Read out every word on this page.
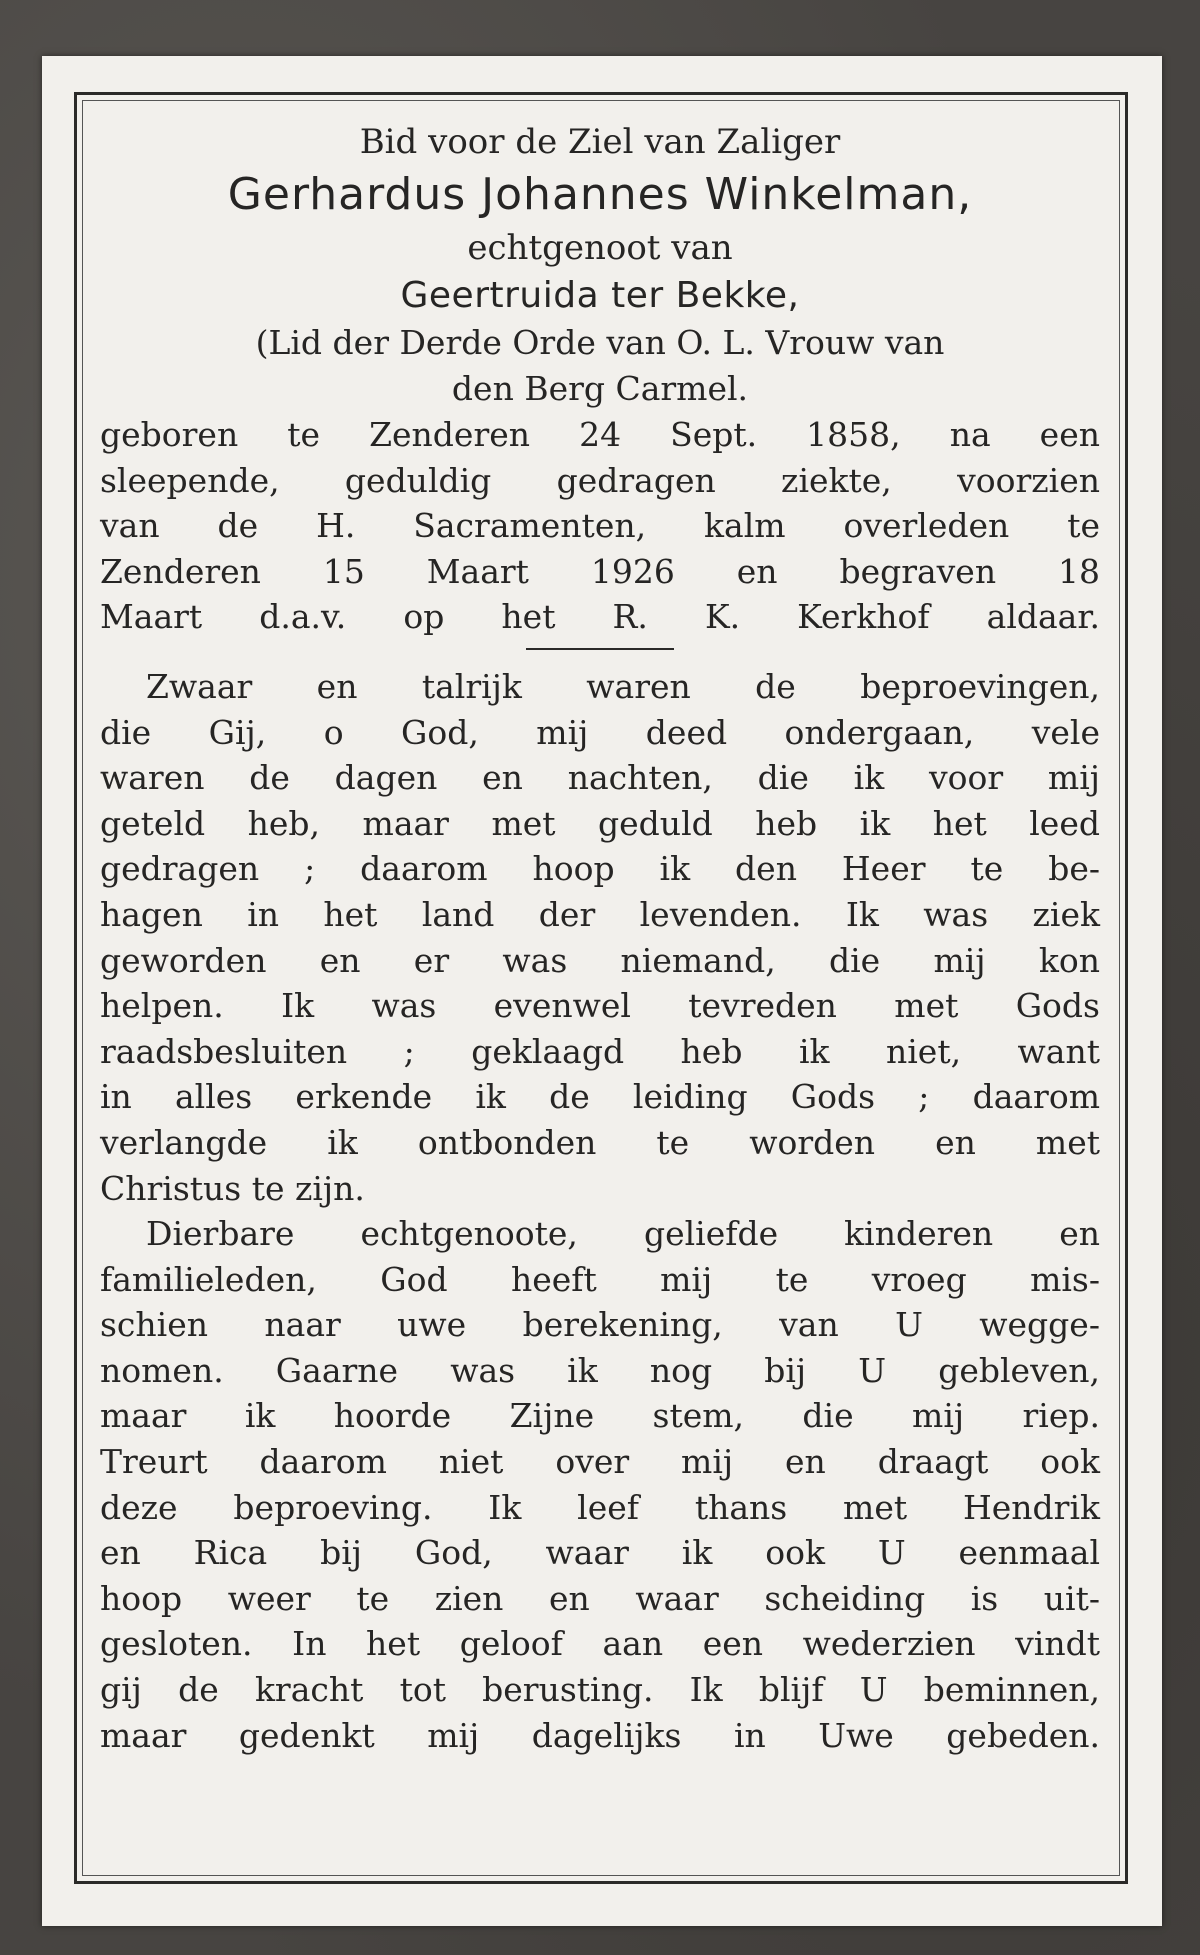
Bid voor de Ziel van Zaliger
Gerhardus Johannes Winkelman,
echtgenoot van
Geertruida ter Bekke,
(Lid der Derde Orde van O. L. Vrouw van
den Berg Carmel.
geboren te Zenderen 24 Sept. 1858, na een
sleepende, geduldig gedragen ziekte, voorzien
van de H. Sacramenten, kalm overleden te
Zenderen 15 Maart 1926 en begraven 18
Maart d.a.v. op het R. K. Kerkhof aldaar.
Zwaar en talrijk waren de beproevingen,
die Gij, o God, mij deed ondergaan, vele
waren de dagen en nachten, die ik voor mij
geteld heb, maar met geduld heb ik het leed
gedragen ; daarom hoop ik den Heer te be-
hagen in het land der levenden. Ik was ziek
geworden en er was niemand, die mij kon
helpen. Ik was evenwel tevreden met Gods
raadsbesluiten ; geklaagd heb ik niet, want
in alles erkende ik de leiding Gods ; daarom
verlangde ik ontbonden te worden en met
Christus te zijn.
Dierbare echtgenoote, geliefde kinderen en
familieleden, God heeft mij te vroeg mis-
schien naar uwe berekening, van U wegge-
nomen. Gaarne was ik nog bij U gebleven,
maar ik hoorde Zijne stem, die mij riep.
Treurt daarom niet over mij en draagt ook
deze beproeving. Ik leef thans met Hendrik
en Rica bij God, waar ik ook U eenmaal
hoop weer te zien en waar scheiding is uit-
gesloten. In het geloof aan een wederzien vindt
gij de kracht tot berusting. Ik blijf U beminnen,
maar gedenkt mij dagelijks in Uwe gebeden.
